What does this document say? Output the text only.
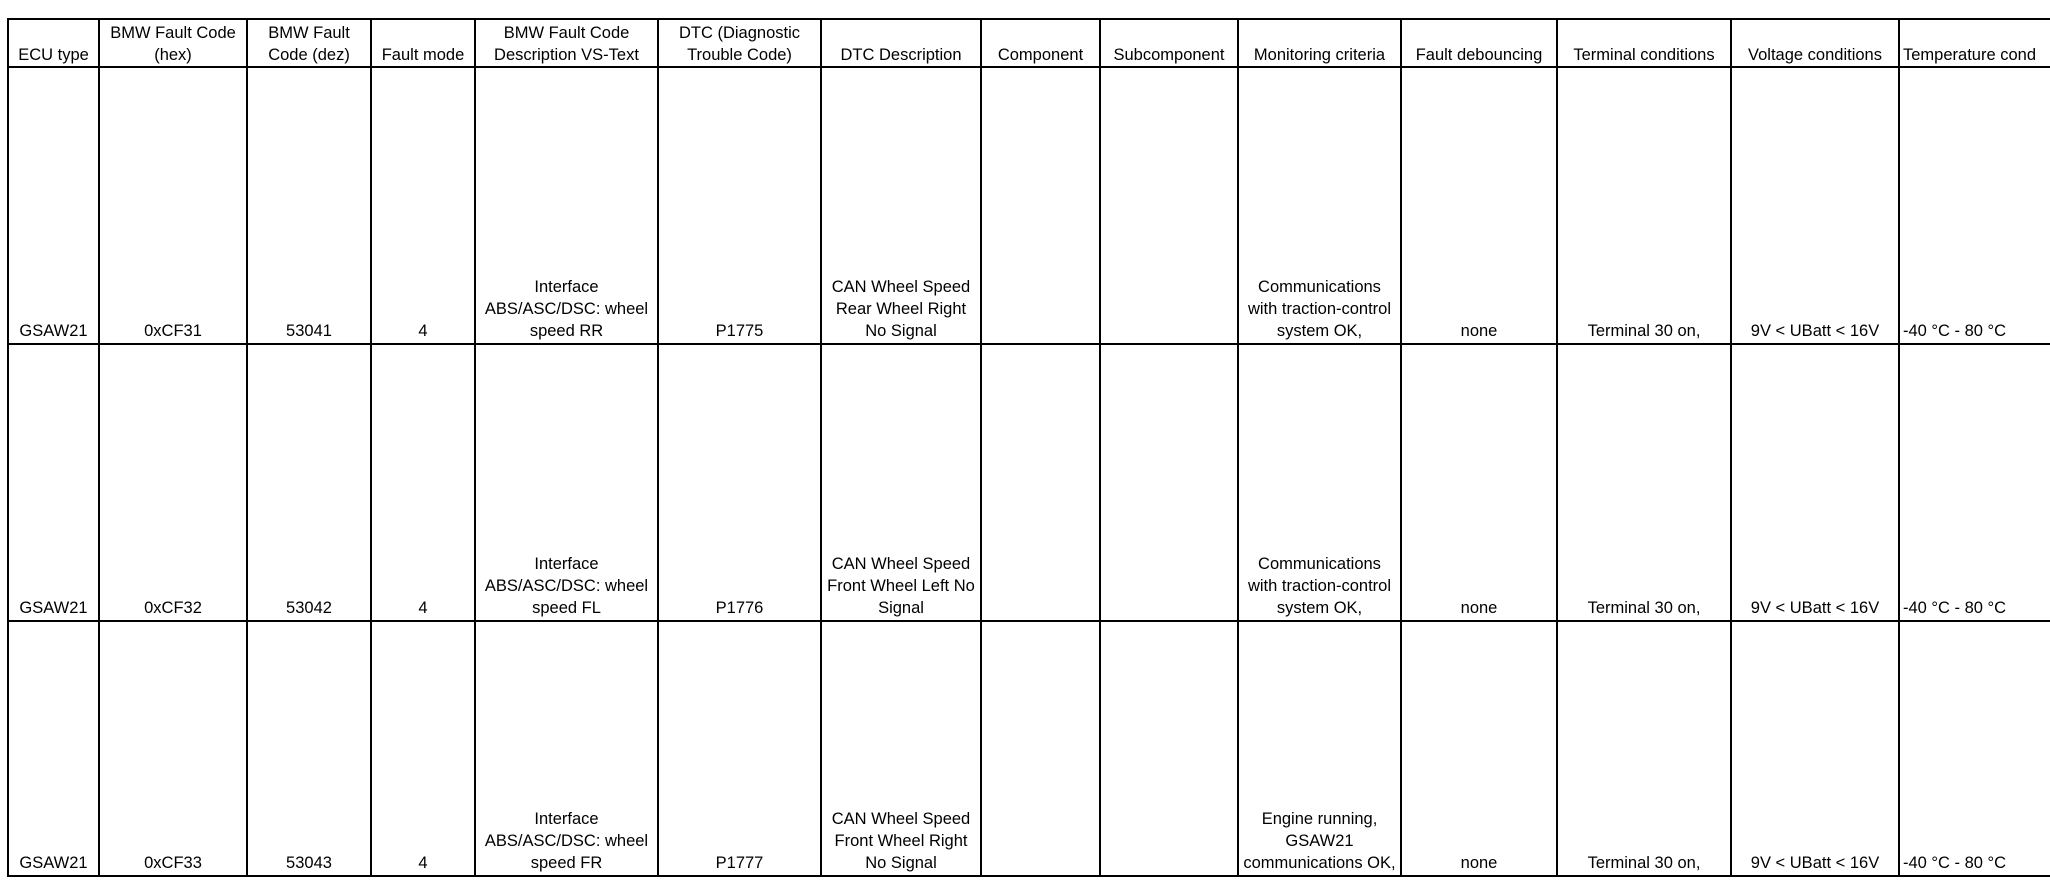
ECU type	BMW Fault Code (hex)	BMW Fault Code (dez)	Fault mode	BMW Fault Code Description VS-Text	DTC (Diagnostic Trouble Code)	DTC Description	Component	Subcomponent	Monitoring criteria	Fault debouncing	Terminal conditions	Voltage conditions	Temperature cond
GSAW21	0xCF31	53041	4	Interface ABS/ASC/DSC: wheel speed RR	P1775	CAN Wheel Speed Rear Wheel Right No Signal			Communications with traction-control system OK,	none	Terminal 30 on,	9V < UBatt < 16V	-40 °C - 80 °C
GSAW21	0xCF32	53042	4	Interface ABS/ASC/DSC: wheel speed FL	P1776	CAN Wheel Speed Front Wheel Left No Signal			Communications with traction-control system OK,	none	Terminal 30 on,	9V < UBatt < 16V	-40 °C - 80 °C
GSAW21	0xCF33	53043	4	Interface ABS/ASC/DSC: wheel speed FR	P1777	CAN Wheel Speed Front Wheel Right No Signal			Engine running, GSAW21 communications OK,	none	Terminal 30 on,	9V < UBatt < 16V	-40 °C - 80 °C
